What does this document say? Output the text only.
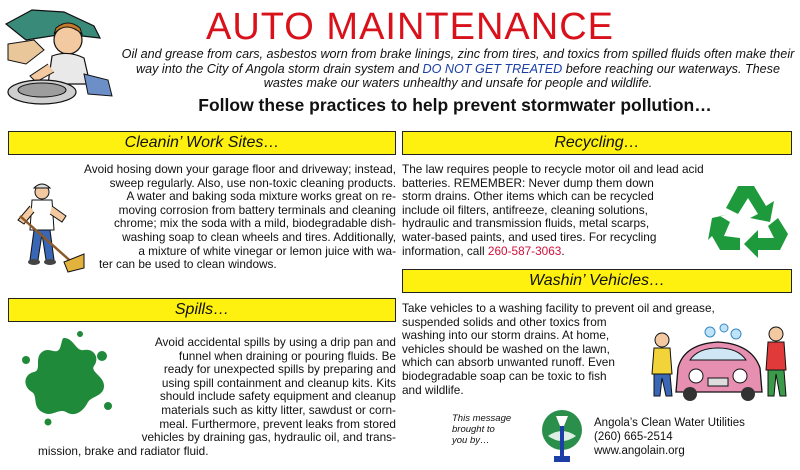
AUTO MAINTENANCE
Oil and grease from cars, asbestos worn from brake linings, zinc from tires, and toxics from spilled fluids often make their way into the City of Angola storm drain system and DO NOT GET TREATED before reaching our waterways. These wastes make our waters unhealthy and unsafe for people and wildlife.
Follow these practices to help prevent stormwater pollution…
Cleanin’ Work Sites…
Avoid hosing down your garage floor and driveway; instead,
sweep regularly. Also, use non-toxic cleaning products.
A water and baking soda mixture works great on re-
moving corrosion from battery terminals and cleaning
chrome; mix the soda with a mild, biodegradable dish-
washing soap to clean wheels and tires. Additionally,
a mixture of white vinegar or lemon juice with wa-
ter can be used to clean windows.
Recycling…
The law requires people to recycle motor oil and lead acid
batteries. REMEMBER: Never dump them down
storm drains. Other items which can be recycled
include oil filters, antifreeze, cleaning solutions,
hydraulic and transmission fluids, metal scarps,
water-based paints, and used tires. For recycling
information, call 260-587-3063.
Washin’ Vehicles…
Take vehicles to a washing facility to prevent oil and grease,
suspended solids and other toxics from
washing into our storm drains. At home,
vehicles should be washed on the lawn,
which can absorb unwanted runoff. Even
biodegradable soap can be toxic to fish
and wildlife.
Spills…
Avoid accidental spills by using a drip pan and
funnel when draining or pouring fluids. Be
ready for unexpected spills by preparing and
using spill containment and cleanup kits. Kits
should include safety equipment and cleanup
materials such as kitty litter, sawdust or corn-
meal. Furthermore, prevent leaks from stored
vehicles by draining gas, hydraulic oil, and trans-
mission, brake and radiator fluid.
This message
brought to
you by…
Angola’s Clean Water Utilities
(260) 665-2514
www.angolain.org
